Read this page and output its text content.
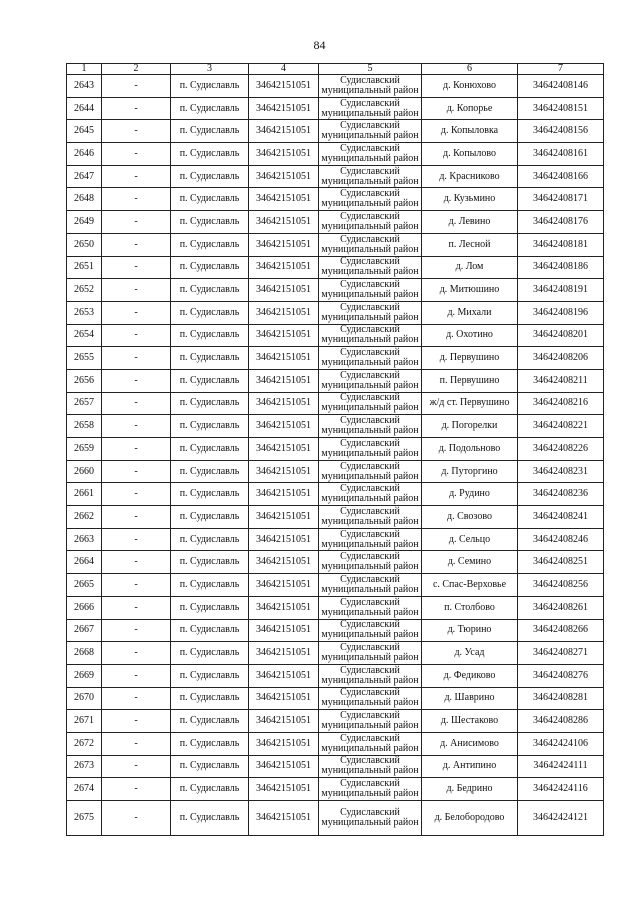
84
1	2	3	4	5	6	7
2643	-	п. Судиславль	34642151051	Судиславский
муниципальный район	д. Конюхово	34642408146
2644	-	п. Судиславль	34642151051	Судиславский
муниципальный район	д. Копорье	34642408151
2645	-	п. Судиславль	34642151051	Судиславский
муниципальный район	д. Копыловка	34642408156
2646	-	п. Судиславль	34642151051	Судиславский
муниципальный район	д. Копылово	34642408161
2647	-	п. Судиславль	34642151051	Судиславский
муниципальный район	д. Красниково	34642408166
2648	-	п. Судиславль	34642151051	Судиславский
муниципальный район	д. Кузьмино	34642408171
2649	-	п. Судиславль	34642151051	Судиславский
муниципальный район	д. Левино	34642408176
2650	-	п. Судиславль	34642151051	Судиславский
муниципальный район	п. Лесной	34642408181
2651	-	п. Судиславль	34642151051	Судиславский
муниципальный район	д. Лом	34642408186
2652	-	п. Судиславль	34642151051	Судиславский
муниципальный район	д. Митюшино	34642408191
2653	-	п. Судиславль	34642151051	Судиславский
муниципальный район	д. Михали	34642408196
2654	-	п. Судиславль	34642151051	Судиславский
муниципальный район	д. Охотино	34642408201
2655	-	п. Судиславль	34642151051	Судиславский
муниципальный район	д. Первушино	34642408206
2656	-	п. Судиславль	34642151051	Судиславский
муниципальный район	п. Первушино	34642408211
2657	-	п. Судиславль	34642151051	Судиславский
муниципальный район	ж/д ст. Первушино	34642408216
2658	-	п. Судиславль	34642151051	Судиславский
муниципальный район	д. Погорелки	34642408221
2659	-	п. Судиславль	34642151051	Судиславский
муниципальный район	д. Подольново	34642408226
2660	-	п. Судиславль	34642151051	Судиславский
муниципальный район	д. Путоргино	34642408231
2661	-	п. Судиславль	34642151051	Судиславский
муниципальный район	д. Рудино	34642408236
2662	-	п. Судиславль	34642151051	Судиславский
муниципальный район	д. Свозово	34642408241
2663	-	п. Судиславль	34642151051	Судиславский
муниципальный район	д. Сельцо	34642408246
2664	-	п. Судиславль	34642151051	Судиславский
муниципальный район	д. Семино	34642408251
2665	-	п. Судиславль	34642151051	Судиславский
муниципальный район	с. Спас-Верховье	34642408256
2666	-	п. Судиславль	34642151051	Судиславский
муниципальный район	п. Столбово	34642408261
2667	-	п. Судиславль	34642151051	Судиславский
муниципальный район	д. Тюрино	34642408266
2668	-	п. Судиславль	34642151051	Судиславский
муниципальный район	д. Усад	34642408271
2669	-	п. Судиславль	34642151051	Судиславский
муниципальный район	д. Федиково	34642408276
2670	-	п. Судиславль	34642151051	Судиславский
муниципальный район	д. Шаврино	34642408281
2671	-	п. Судиславль	34642151051	Судиславский
муниципальный район	д. Шестаково	34642408286
2672	-	п. Судиславль	34642151051	Судиславский
муниципальный район	д. Анисимово	34642424106
2673	-	п. Судиславль	34642151051	Судиславский
муниципальный район	д. Антипино	34642424111
2674	-	п. Судиславль	34642151051	Судиславский
муниципальный район	д. Бедрино	34642424116
2675	-	п. Судиславль	34642151051	Судиславский
муниципальный район	д. Белобородово	34642424121
